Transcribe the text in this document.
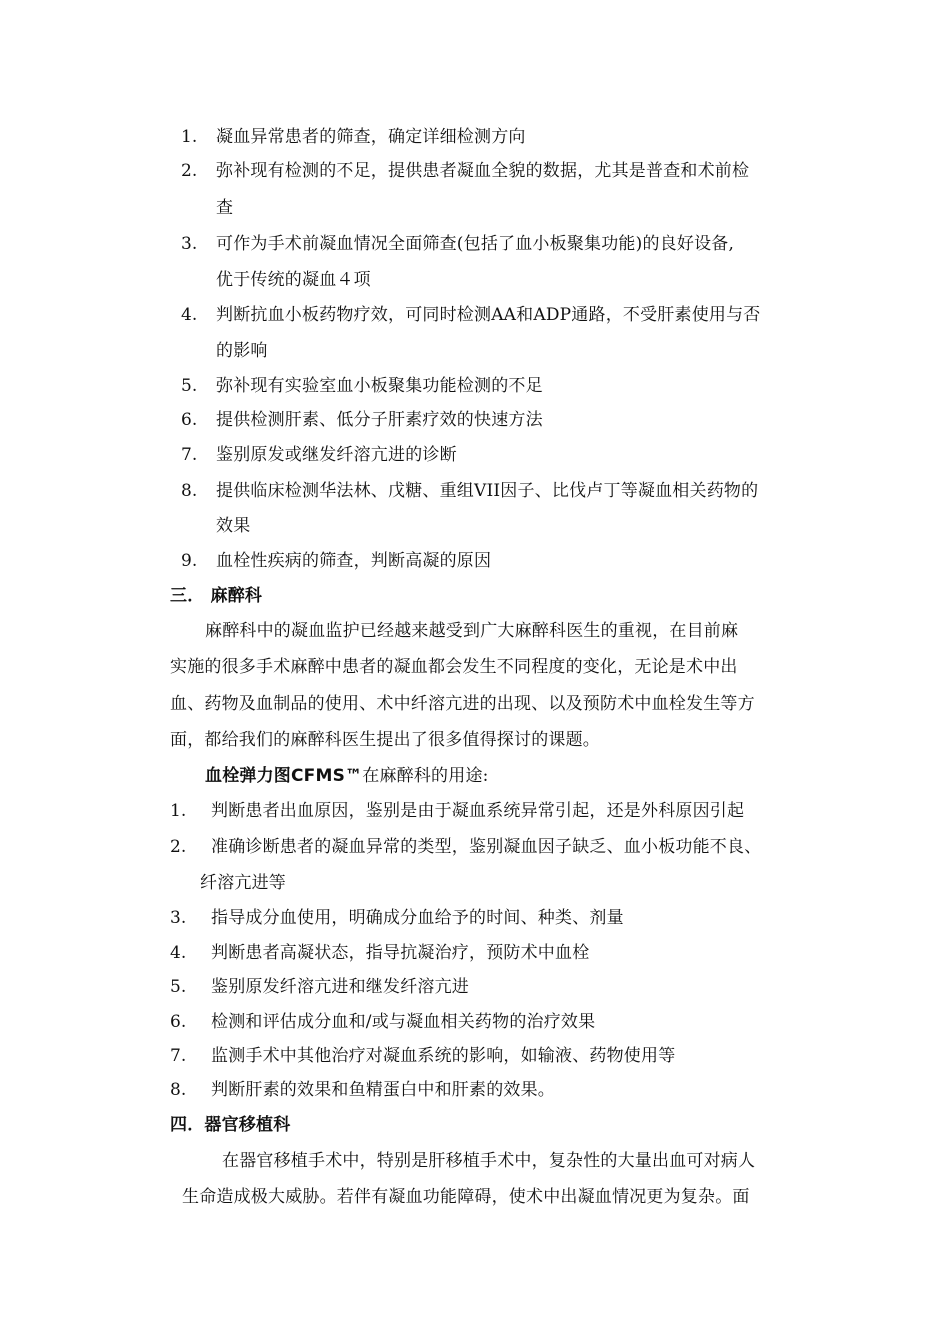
1. 凝血异常患者的筛查，确定详细检测方向
2. 弥补现有检测的不足，提供患者凝血全貌的数据，尤其是普查和术前检
查
3. 可作为手术前凝血情况全面筛查(包括了血小板聚集功能)的良好设备,
优于传统的凝血４项
4. 判断抗血小板药物疗效，可同时检测AA和ADP通路，不受肝素使用与否
的影响
5. 弥补现有实验室血小板聚集功能检测的不足
6. 提供检测肝素、低分子肝素疗效的快速方法
7. 鉴别原发或继发纤溶亢进的诊断
8. 提供临床检测华法林、戊糖、重组VII因子、比伐卢丁等凝血相关药物的
效果
9. 血栓性疾病的筛查，判断高凝的原因
三． 麻醉科
麻醉科中的凝血监护已经越来越受到广大麻醉科医生的重视，在目前麻
实施的很多手术麻醉中患者的凝血都会发生不同程度的变化，无论是术中出
血、药物及血制品的使用、术中纤溶亢进的出现、以及预防术中血栓发生等方
面，都给我们的麻醉科医生提出了很多值得探讨的课题。
血栓弹力图CFMS™在麻醉科的用途:
1. 判断患者出血原因，鉴别是由于凝血系统异常引起，还是外科原因引起
2. 准确诊断患者的凝血异常的类型，鉴别凝血因子缺乏、血小板功能不良、
纤溶亢进等
3. 指导成分血使用，明确成分血给予的时间、种类、剂量
4. 判断患者高凝状态，指导抗凝治疗，预防术中血栓
5. 鉴别原发纤溶亢进和继发纤溶亢进
6. 检测和评估成分血和/或与凝血相关药物的治疗效果
7. 监测手术中其他治疗对凝血系统的影响，如输液、药物使用等
8. 判断肝素的效果和鱼精蛋白中和肝素的效果。
四．器官移植科
在器官移植手术中，特别是肝移植手术中，复杂性的大量出血可对病人
生命造成极大威胁。若伴有凝血功能障碍，使术中出凝血情况更为复杂。面
